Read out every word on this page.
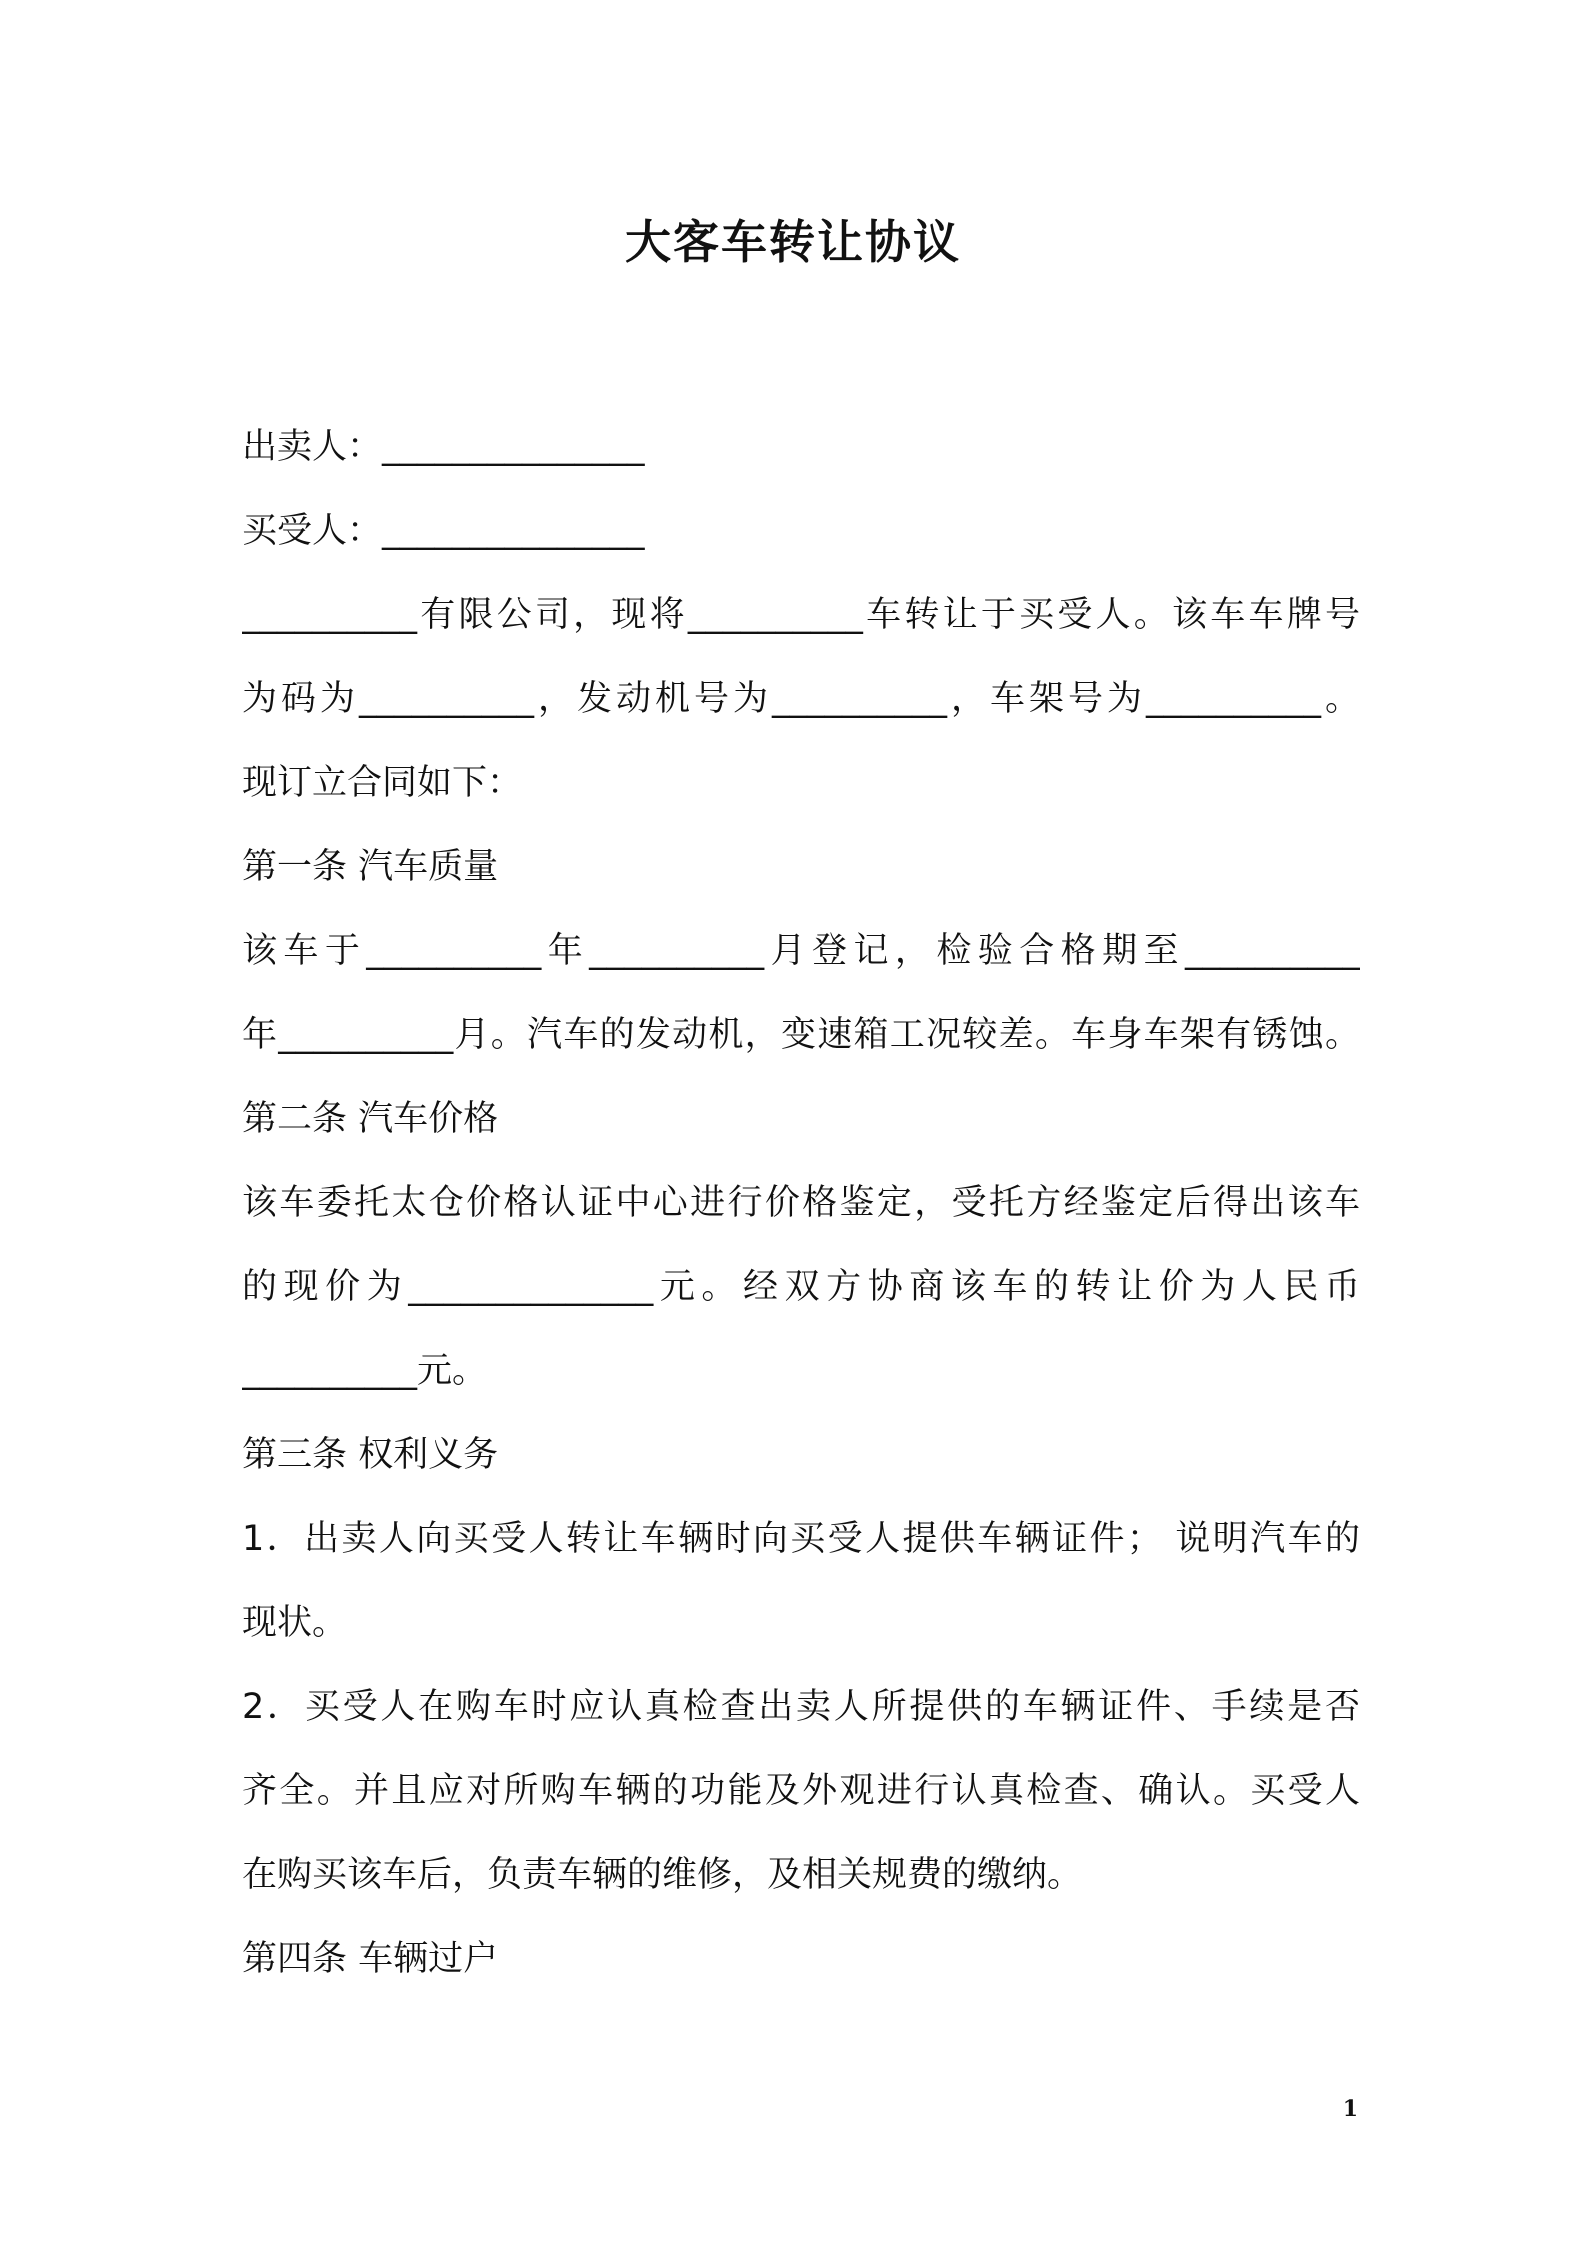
大客车转让协议
出卖人：_______________
买受人：_______________
__________有限公司，现将__________车转让于买受人。该车车牌号
为码为__________，发动机号为__________，车架号为__________。
现订立合同如下：
第一条 汽车质量
该车于__________年__________月登记，检验合格期至__________
年__________月。汽车的发动机，变速箱工况较差。车身车架有锈蚀。
第二条 汽车价格
该车委托太仓价格认证中心进行价格鉴定，受托方经鉴定后得出该车
的现价为______________元。经双方协商该车的转让价为人民币
__________元。
第三条 权利义务
1．出卖人向买受人转让车辆时向买受人提供车辆证件； 说明汽车的
现状。
2．买受人在购车时应认真检查出卖人所提供的车辆证件、手续是否
齐全。并且应对所购车辆的功能及外观进行认真检查、确认。买受人
在购买该车后，负责车辆的维修，及相关规费的缴纳。
第四条 车辆过户
1
